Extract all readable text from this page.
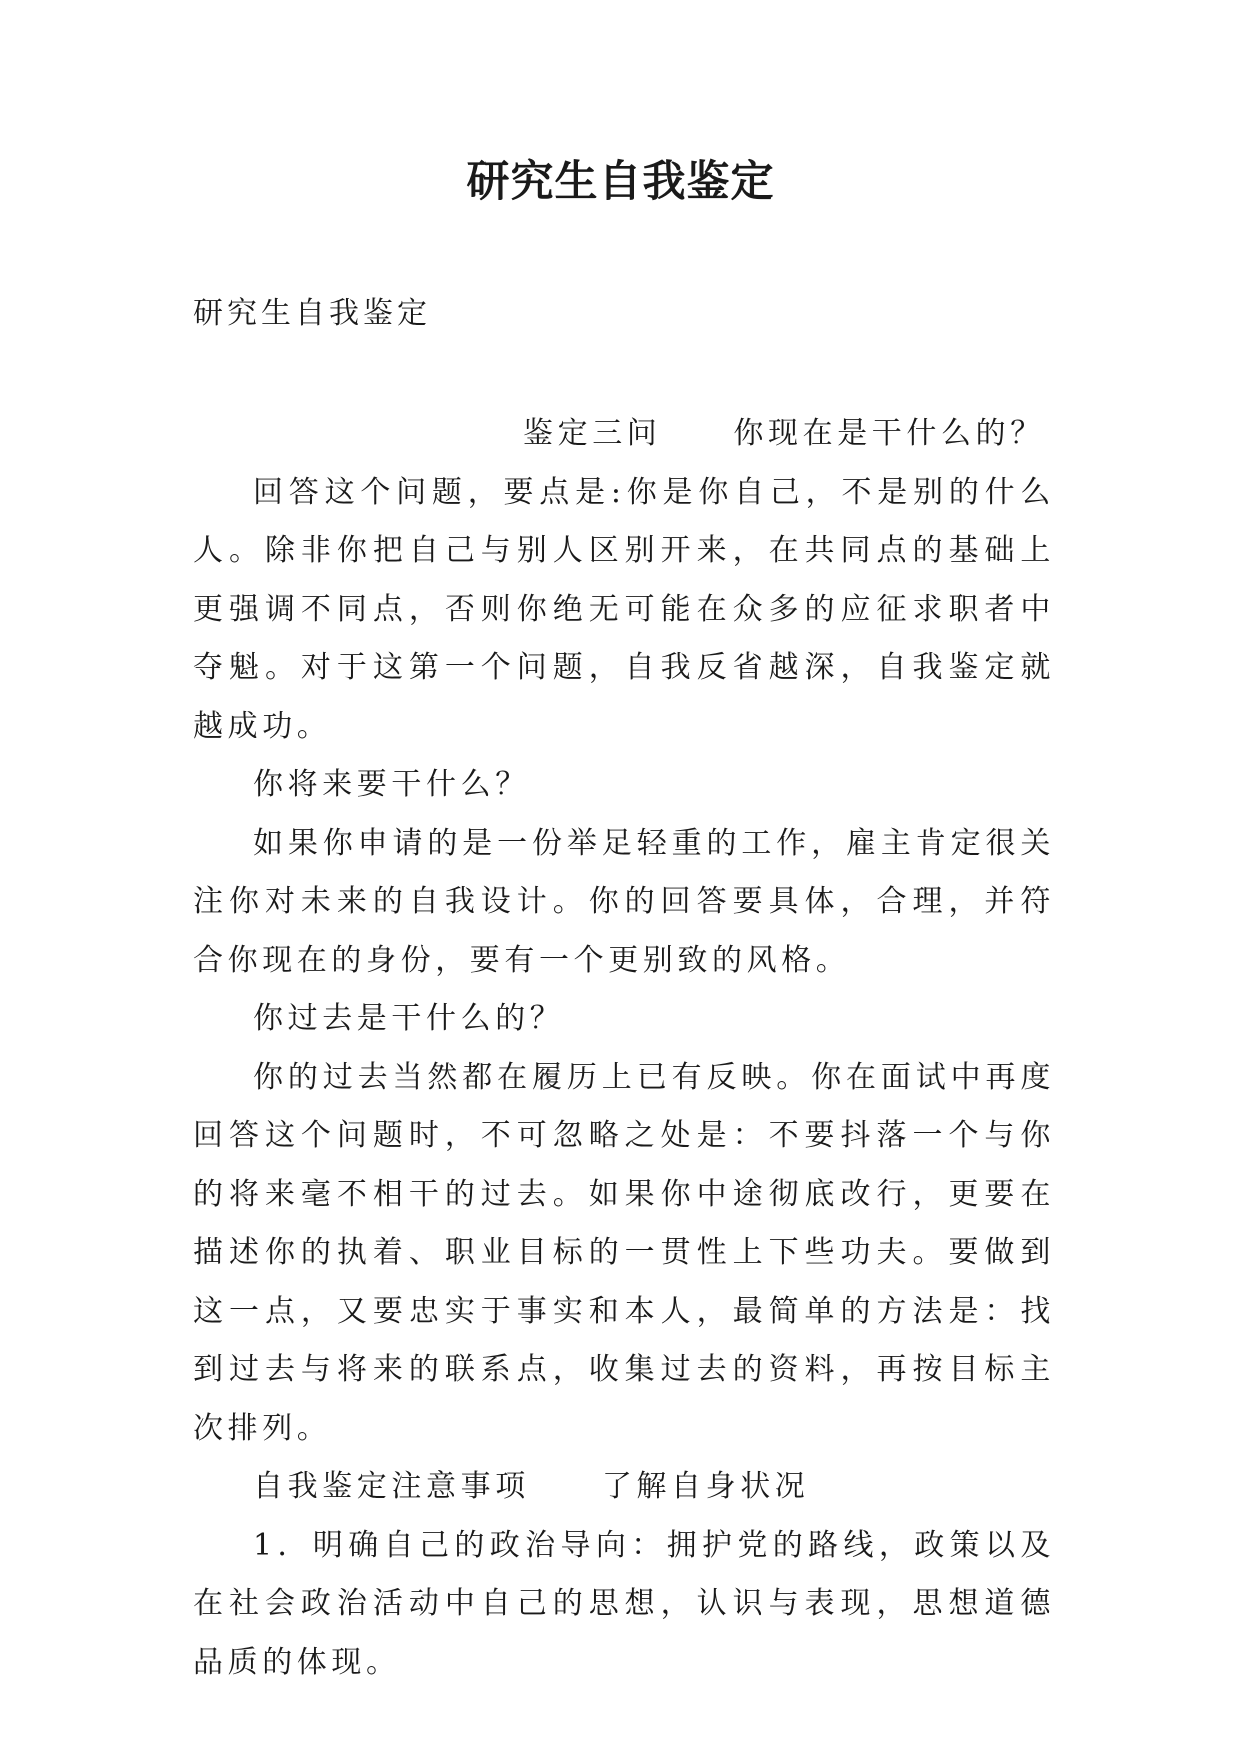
研究生自我鉴定

研究生自我鉴定

鉴定三问 你现在是干什么的？

回答这个问题，要点是:你是你自己，不是别的什么人。除非你把自己与别人区别开来，在共同点的基础上更强调不同点，否则你绝无可能在众多的应征求职者中夺魁。对于这第一个问题，自我反省越深，自我鉴定就越成功。

你将来要干什么？

如果你申请的是一份举足轻重的工作，雇主肯定很关注你对未来的自我设计。你的回答要具体，合理，并符合你现在的身份，要有一个更别致的风格。

你过去是干什么的？

你的过去当然都在履历上已有反映。你在面试中再度回答这个问题时，不可忽略之处是：不要抖落一个与你的将来毫不相干的过去。如果你中途彻底改行，更要在描述你的执着、职业目标的一贯性上下些功夫。要做到这一点，又要忠实于事实和本人，最简单的方法是：找到过去与将来的联系点，收集过去的资料，再按目标主次排列。

自我鉴定注意事项 了解自身状况

1．明确自己的政治导向：拥护党的路线，政策以及在社会政治活动中自己的思想，认识与表现，思想道德品质的体现。
